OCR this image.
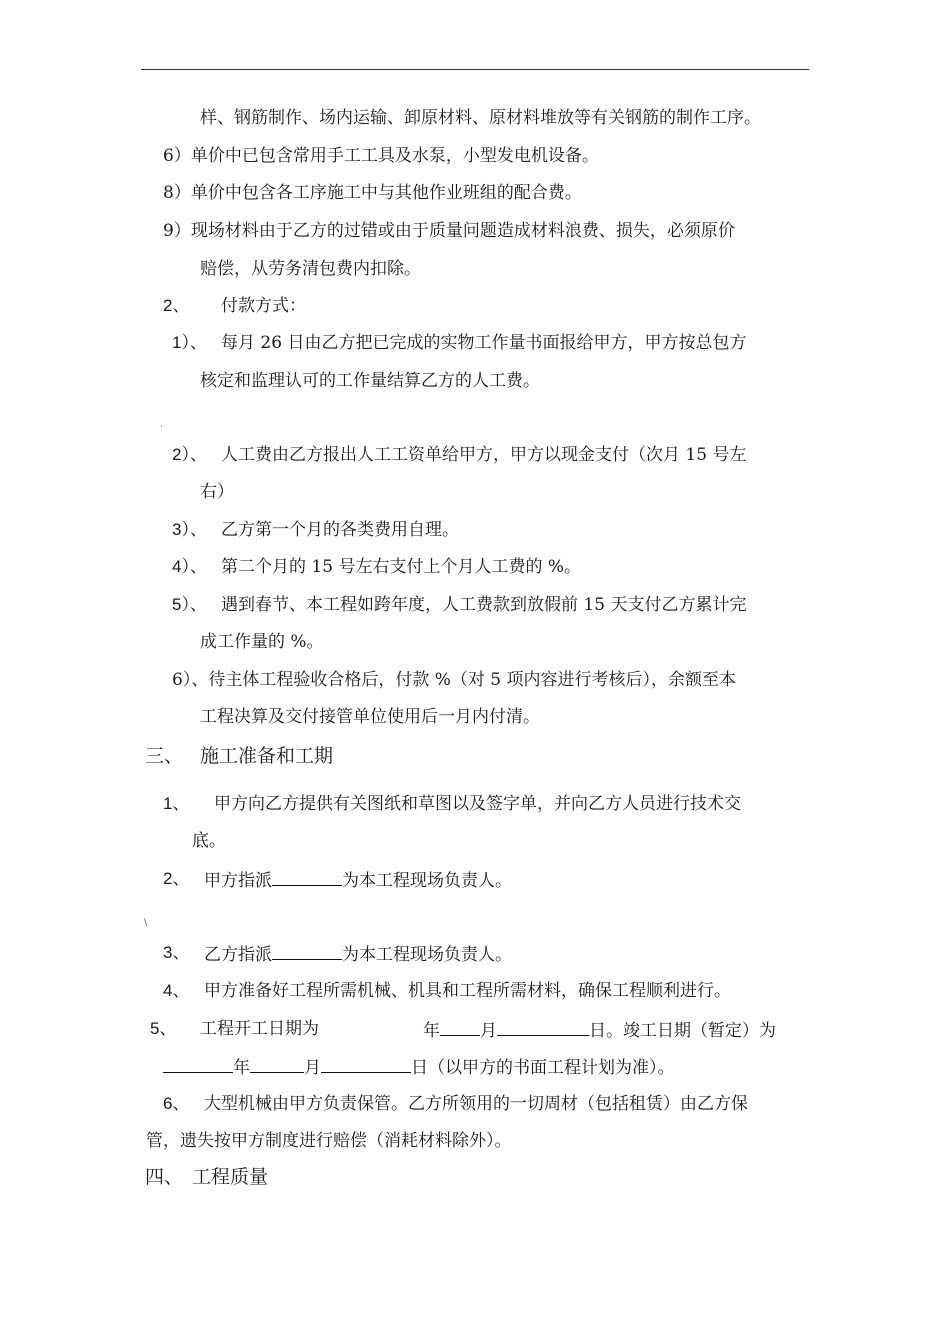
样、钢筋制作、场内运输、卸原材料、原材料堆放等有关钢筋的制作工序。
6）单价中已包含常用手工工具及水泵，小型发电机设备。
8）单价中包含各工序施工中与其他作业班组的配合费。
9）现场材料由于乙方的过错或由于质量问题造成材料浪费、损失，必须原价
赔偿，从劳务清包费内扣除。
2、 付款方式：
1）、 每月 26 日由乙方把已完成的实物工作量书面报给甲方，甲方按总包方
核定和监理认可的工作量结算乙方的人工费。
·
2）、 人工费由乙方报出人工工资单给甲方，甲方以现金支付（次月 15 号左
右）
3）、 乙方第一个月的各类费用自理。
4）、 第二个月的 15 号左右支付上个月人工费的 %。
5）、 遇到春节、本工程如跨年度，人工费款到放假前 15 天支付乙方累计完
成工作量的 %。
6）、待主体工程验收合格后，付款 %（对 5 项内容进行考核后），余额至本
工程决算及交付接管单位使用后一月内付清。
三、 施工准备和工期
1、 甲方向乙方提供有关图纸和草图以及签字单，并向乙方人员进行技术交
底。
2、 甲方指派	为本工程现场负责人。
\
3、 乙方指派	为本工程现场负责人。
4、 甲方准备好工程所需机械、机具和工程所需材料，确保工程顺利进行。
5、 工程开工日期为	年 月	日。竣工日期（暂定）为
年	月	日（以甲方的书面工程计划为准）。
6、 大型机械由甲方负责保管。乙方所领用的一切周材（包括租赁）由乙方保
管，遗失按甲方制度进行赔偿（消耗材料除外）。
四、 工程质量
